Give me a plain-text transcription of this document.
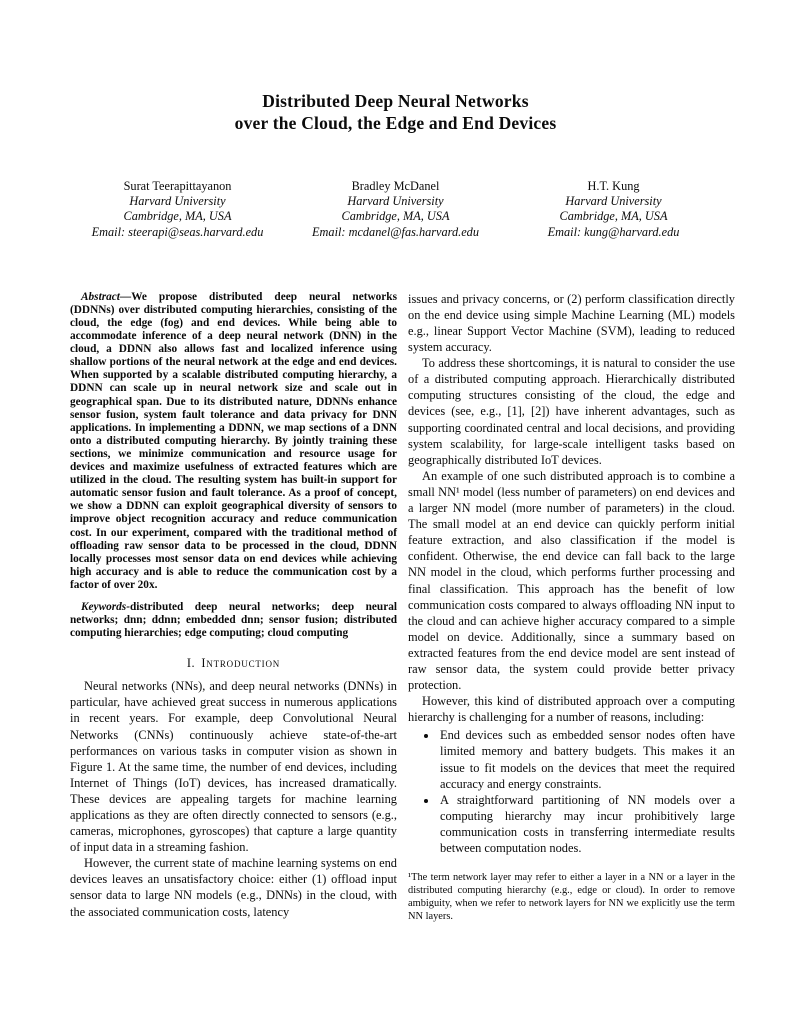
Distributed Deep Neural Networks
over the Cloud, the Edge and End Devices
Surat Teerapittayanon
Harvard University
Cambridge, MA, USA
Email: steerapi@seas.harvard.edu
Bradley McDanel
Harvard University
Cambridge, MA, USA
Email: mcdanel@fas.harvard.edu
H.T. Kung
Harvard University
Cambridge, MA, USA
Email: kung@harvard.edu

Abstract—We propose distributed deep neural networks (DDNNs) over distributed computing hierarchies, consisting of the cloud, the edge (fog) and end devices. While being able to accommodate inference of a deep neural network (DNN) in the cloud, a DDNN also allows fast and localized inference using shallow portions of the neural network at the edge and end devices. When supported by a scalable distributed computing hierarchy, a DDNN can scale up in neural network size and scale out in geographical span. Due to its distributed nature, DDNNs enhance sensor fusion, system fault tolerance and data privacy for DNN applications. In implementing a DDNN, we map sections of a DNN onto a distributed computing hierarchy. By jointly training these sections, we minimize communication and resource usage for devices and maximize usefulness of extracted features which are utilized in the cloud. The resulting system has built-in support for automatic sensor fusion and fault tolerance. As a proof of concept, we show a DDNN can exploit geographical diversity of sensors to improve object recognition accuracy and reduce communication cost. In our experiment, compared with the traditional method of offloading raw sensor data to be processed in the cloud, DDNN locally processes most sensor data on end devices while achieving high accuracy and is able to reduce the communication cost by a factor of over 20x.

Keywords-distributed deep neural networks; deep neural networks; dnn; ddnn; embedded dnn; sensor fusion; distributed computing hierarchies; edge computing; cloud computing

I. Introduction

Neural networks (NNs), and deep neural networks (DNNs) in particular, have achieved great success in numerous applications in recent years. For example, deep Convolutional Neural Networks (CNNs) continuously achieve state-of-the-art performances on various tasks in computer vision as shown in Figure 1. At the same time, the number of end devices, including Internet of Things (IoT) devices, has increased dramatically. These devices are appealing targets for machine learning applications as they are often directly connected to sensors (e.g., cameras, microphones, gyroscopes) that capture a large quantity of input data in a streaming fashion.

However, the current state of machine learning systems on end devices leaves an unsatisfactory choice: either (1) offload input sensor data to large NN models (e.g., DNNs) in the cloud, with the associated communication costs, latency

issues and privacy concerns, or (2) perform classification directly on the end device using simple Machine Learning (ML) models e.g., linear Support Vector Machine (SVM), leading to reduced system accuracy.

To address these shortcomings, it is natural to consider the use of a distributed computing approach. Hierarchically distributed computing structures consisting of the cloud, the edge and devices (see, e.g., [1], [2]) have inherent advantages, such as supporting coordinated central and local decisions, and providing system scalability, for large-scale intelligent tasks based on geographically distributed IoT devices.

An example of one such distributed approach is to combine a small NN¹ model (less number of parameters) on end devices and a larger NN model (more number of parameters) in the cloud. The small model at an end device can quickly perform initial feature extraction, and also classification if the model is confident. Otherwise, the end device can fall back to the large NN model in the cloud, which performs further processing and final classification. This approach has the benefit of low communication costs compared to always offloading NN input to the cloud and can achieve higher accuracy compared to a simple model on device. Additionally, since a summary based on extracted features from the end device model are sent instead of raw sensor data, the system could provide better privacy protection.

However, this kind of distributed approach over a computing hierarchy is challenging for a number of reasons, including:

• End devices such as embedded sensor nodes often have limited memory and battery budgets. This makes it an issue to fit models on the devices that meet the required accuracy and energy constraints.
• A straightforward partitioning of NN models over a computing hierarchy may incur prohibitively large communication costs in transferring intermediate results between computation nodes.
¹The term network layer may refer to either a layer in a NN or a layer in the distributed computing hierarchy (e.g., edge or cloud). In order to remove ambiguity, when we refer to network layers for NN we explicitly use the term NN layers.
